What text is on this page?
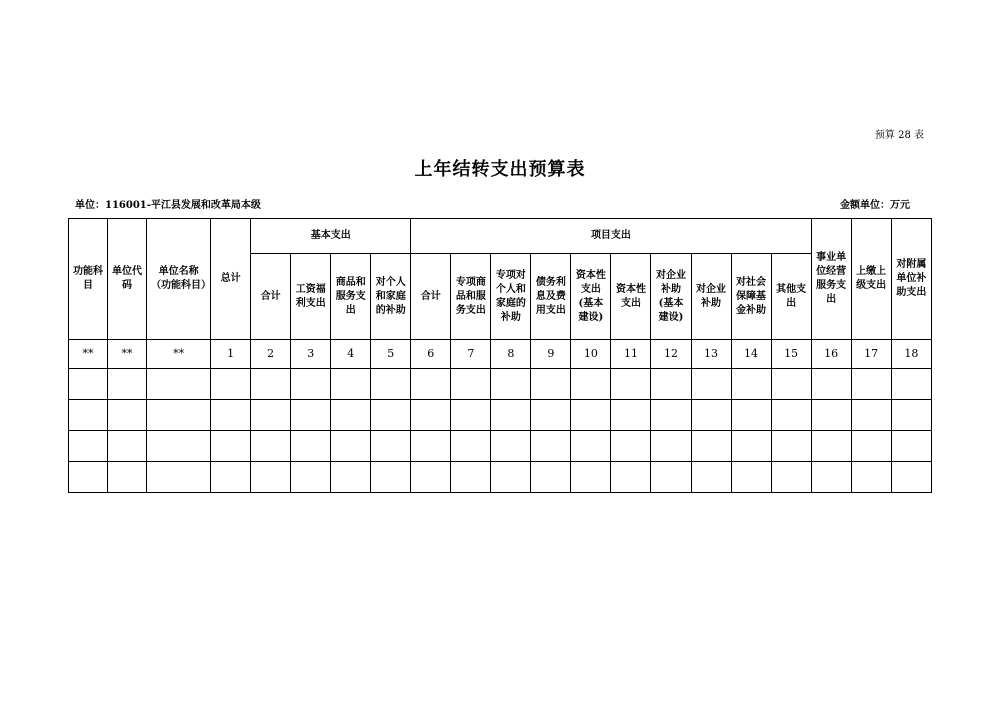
预算 28 表
上年结转支出预算表
单位：116001-平江县发展和改革局本级	金额单位：万元
功能科目	单位代码	单位名称（功能科目）	总计	基本支出				项目支出										事业单位经营服务支出	上缴上级支出	对附属单位补助支出
				合计	工资福利支出	商品和服务支出	对个人和家庭的补助	合计	专项商品和服务支出	专项对个人和家庭的补助	债务利息及费用支出	资本性支出(基本建设)	资本性支出	对企业补助(基本建设)	对企业补助	对社会保障基金补助	其他支出			
**	**	**	1	2	3	4	5	6	7	8	9	10	11	12	13	14	15	16	17	18
